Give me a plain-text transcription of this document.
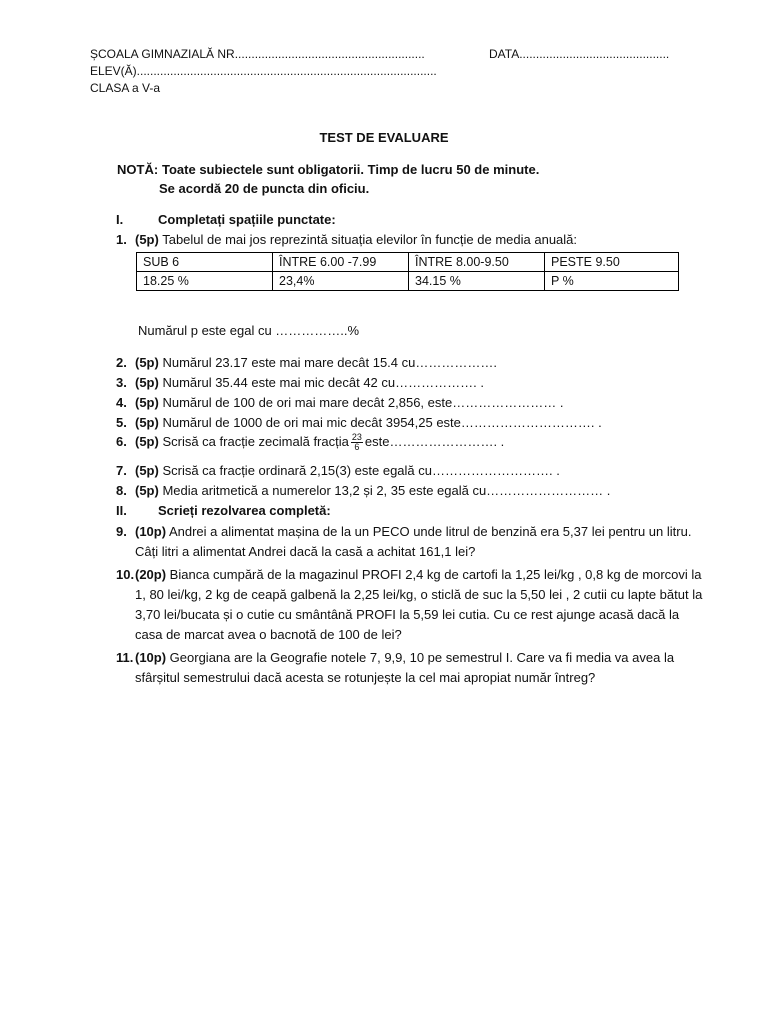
ȘCOALA GIMNAZIALĂ NR.........................................................	DATA.............................................
ELEV(Ă)..........................................................................................
CLASA a V-a
TEST DE EVALUARE
NOTĂ: Toate subiectele sunt obligatorii. Timp de lucru 50 de minute.
Se acordă 20 de puncta din oficiu.
I.	Completați spațiile punctate:
1. (5p) Tabelul de mai jos reprezintă situația elevilor în funcție de media anuală:
SUB 6	ÎNTRE 6.00 -7.99	ÎNTRE 8.00-9.50	PESTE 9.50
18.25 %	23,4%	34.15 %	P %
Numărul p este egal cu ……………..%
2. (5p) Numărul 23.17 este mai mare decât 15.4 cu……………….
3. (5p) Numărul 35.44 este mai mic decât 42 cu………………. .
4. (5p) Numărul de 100 de ori mai mare decât 2,856, este…………………… .
5. (5p) Numărul de 1000 de ori mai mic decât 3954,25 este…………………………. .
6. (5p) Scrisă ca fracție zecimală fracția $\frac{23}{6}$ este……………………. .
7. (5p) Scrisă ca fracție ordinară 2,15(3) este egală cu………………………. .
8. (5p) Media aritmetică a numerelor 13,2 și 2, 35 este egală cu……………………… .
II. Scrieți rezolvarea completă:
9. (10p) Andrei a alimentat mașina de la un PECO unde litrul de benzină era 5,37 lei pentru un litru. Câți litri a alimentat Andrei dacă la casă a achitat 161,1 lei?
10. (20p) Bianca cumpără de la magazinul PROFI 2,4 kg de cartofi la 1,25 lei/kg , 0,8 kg de morcovi la 1, 80 lei/kg, 2 kg de ceapă galbenă la 2,25 lei/kg, o sticlă de suc la 5,50 lei , 2 cutii cu lapte bătut la 3,70 lei/bucata și o cutie cu smântână PROFI la 5,59 lei cutia. Cu ce rest ajunge acasă dacă la casa de marcat avea o bacnotă de 100 de lei?
11. (10p) Georgiana are la Geografie notele 7, 9,9, 10 pe semestrul I. Care va fi media va avea la sfârșitul semestrului dacă acesta se rotunjește la cel mai apropiat număr întreg?
